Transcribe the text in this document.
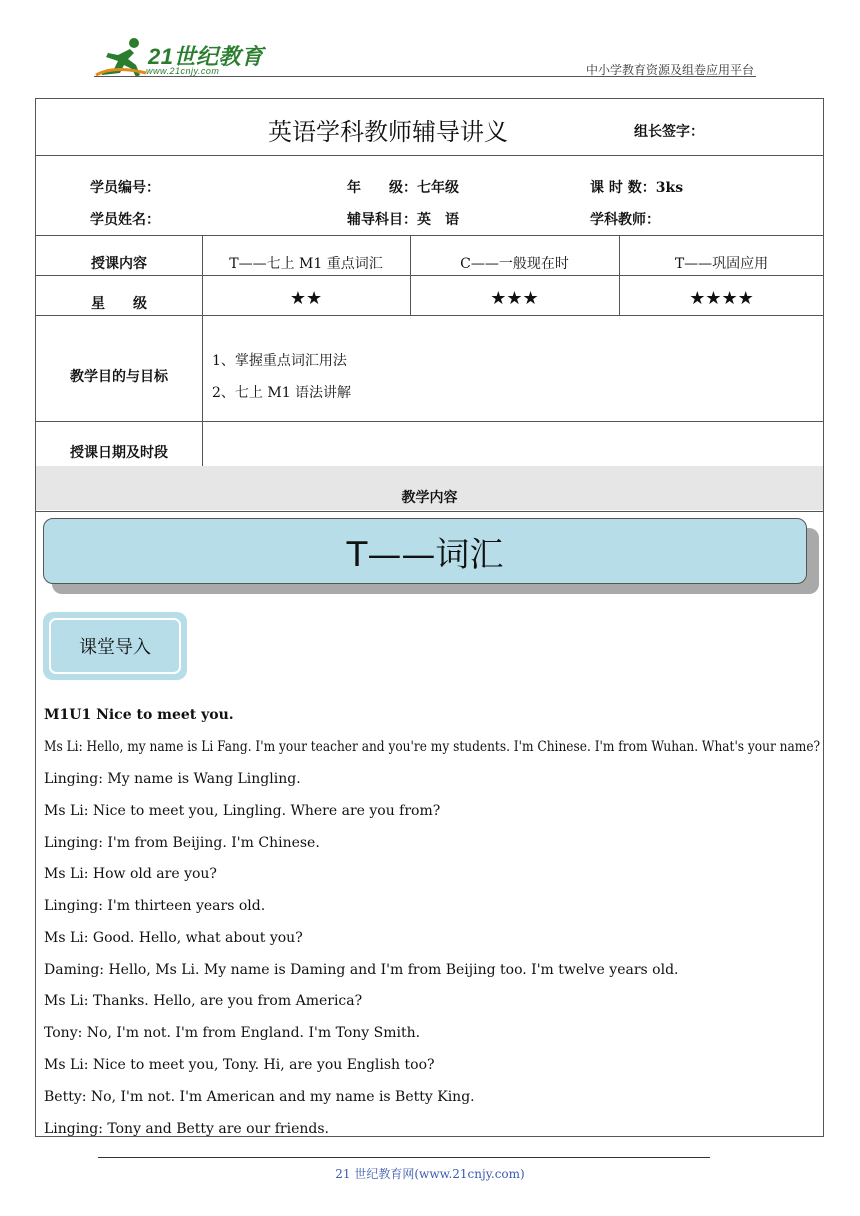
21世纪教育
www.21cnjy.com	中小学教育资源及组卷应用平台
英语学科教师辅导讲义	组长签字：
学员编号：	年　　级：七年级	课 时 数：3ks
学员姓名：	辅导科目：英　语	学科教师：
授课内容	T——七上 M1 重点词汇	C——一般现在时	T——巩固应用
星　　级	★★	★★★	★★★★
教学目的与目标
1、掌握重点词汇用法
2、七上 M1 语法讲解
授课日期及时段
教学内容
T——词汇
课堂导入
M1U1 Nice to meet you.
Ms Li: Hello, my name is Li Fang. I'm your teacher and you're my students. I'm Chinese. I'm from Wuhan. What's your name?
Linging: My name is Wang Lingling.
Ms Li: Nice to meet you, Lingling. Where are you from?
Linging: I'm from Beijing. I'm Chinese.
Ms Li: How old are you?
Linging: I'm thirteen years old.
Ms Li: Good. Hello, what about you?
Daming: Hello, Ms Li. My name is Daming and I'm from Beijing too. I'm twelve years old.
Ms Li: Thanks. Hello, are you from America?
Tony: No, I'm not. I'm from England. I'm Tony Smith.
Ms Li: Nice to meet you, Tony. Hi, are you English too?
Betty: No, I'm not. I'm American and my name is Betty King.
Linging: Tony and Betty are our friends.
21 世纪教育网(www.21cnjy.com)
